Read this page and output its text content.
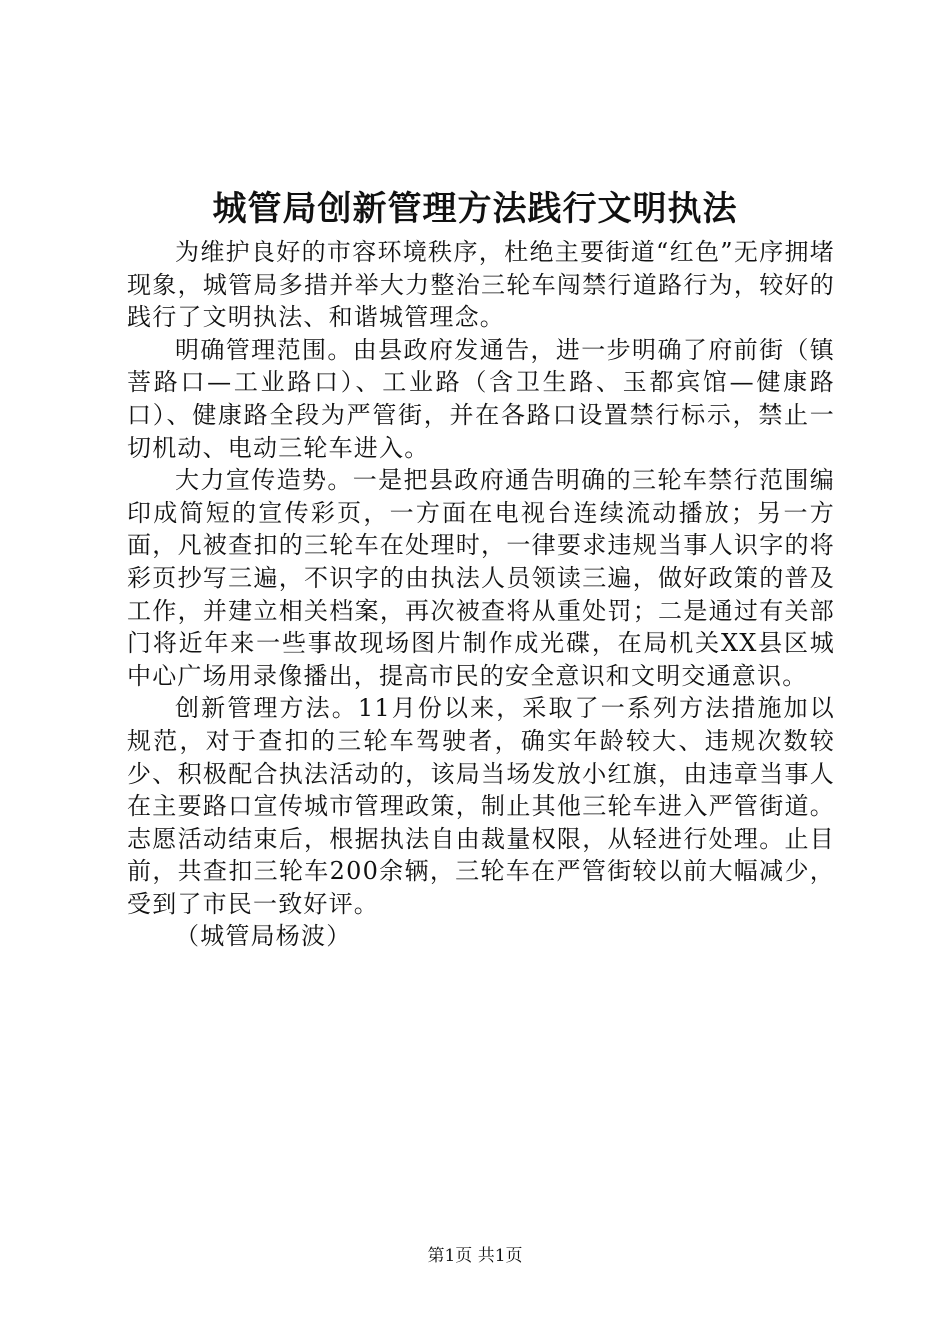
城管局创新管理方法践行文明执法

为维护良好的市容环境秩序，杜绝主要街道“红色”无序拥堵现象，城管局多措并举大力整治三轮车闯禁行道路行为，较好的践行了文明执法、和谐城管理念。

明确管理范围。由县政府发通告，进一步明确了府前街（镇菩路口—工业路口）、工业路（含卫生路、玉都宾馆—健康路口）、健康路全段为严管街，并在各路口设置禁行标示，禁止一切机动、电动三轮车进入。

大力宣传造势。一是把县政府通告明确的三轮车禁行范围编印成简短的宣传彩页，一方面在电视台连续流动播放；另一方面，凡被查扣的三轮车在处理时，一律要求违规当事人识字的将彩页抄写三遍，不识字的由执法人员领读三遍，做好政策的普及工作，并建立相关档案，再次被查将从重处罚；二是通过有关部门将近年来一些事故现场图片制作成光碟，在局机关XX县区城中心广场用录像播出，提高市民的安全意识和文明交通意识。

创新管理方法。11月份以来，采取了一系列方法措施加以规范，对于查扣的三轮车驾驶者，确实年龄较大、违规次数较少、积极配合执法活动的，该局当场发放小红旗，由违章当事人在主要路口宣传城市管理政策，制止其他三轮车进入严管街道。志愿活动结束后，根据执法自由裁量权限，从轻进行处理。止目前，共查扣三轮车200余辆，三轮车在严管街较以前大幅减少，受到了市民一致好评。

（城管局杨波）

第1页 共1页
